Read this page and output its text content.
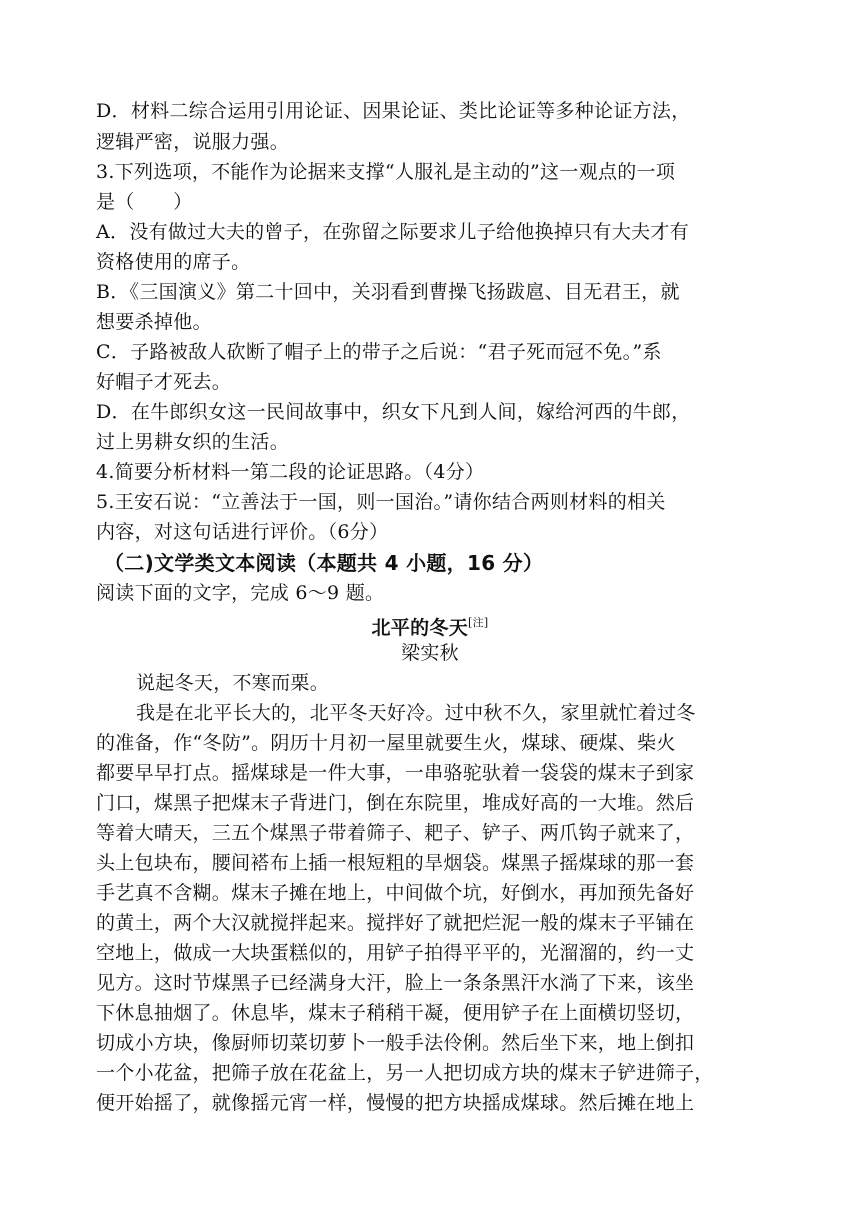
D．材料二综合运用引用论证、因果论证、类比论证等多种论证方法，
逻辑严密，说服力强。
3.下列选项，不能作为论据来支撑“人服礼是主动的”这一观点的一项
是（　　）
A．没有做过大夫的曾子，在弥留之际要求儿子给他换掉只有大夫才有
资格使用的席子。
B．《三国演义》第二十回中，关羽看到曹操飞扬跋扈、目无君王，就
想要杀掉他。
C．子路被敌人砍断了帽子上的带子之后说：“君子死而冠不免。”系
好帽子才死去。
D．在牛郎织女这一民间故事中，织女下凡到人间，嫁给河西的牛郎，
过上男耕女织的生活。
4.简要分析材料一第二段的论证思路。（4分）
5.王安石说：“立善法于一国，则一国治。”请你结合两则材料的相关
内容，对这句话进行评价。（6分）
（二)文学类文本阅读（本题共 4 小题，16 分）
阅读下面的文字，完成 6～9 题。
北平的冬天[注]
梁实秋
说起冬天，不寒而栗。
我是在北平长大的，北平冬天好冷。过中秋不久，家里就忙着过冬
的准备，作“冬防”。阴历十月初一屋里就要生火，煤球、硬煤、柴火
都要早早打点。摇煤球是一件大事，一串骆驼驮着一袋袋的煤末子到家
门口，煤黑子把煤末子背进门，倒在东院里，堆成好高的一大堆。然后
等着大晴天，三五个煤黑子带着筛子、耙子、铲子、两爪钩子就来了，
头上包块布，腰间褡布上插一根短粗的旱烟袋。煤黑子摇煤球的那一套
手艺真不含糊。煤末子摊在地上，中间做个坑，好倒水，再加预先备好
的黄土，两个大汉就搅拌起来。搅拌好了就把烂泥一般的煤末子平铺在
空地上，做成一大块蛋糕似的，用铲子拍得平平的，光溜溜的，约一丈
见方。这时节煤黑子已经满身大汗，脸上一条条黑汗水淌了下来，该坐
下休息抽烟了。休息毕，煤末子稍稍干凝，便用铲子在上面横切竖切，
切成小方块，像厨师切菜切萝卜一般手法伶俐。然后坐下来，地上倒扣
一个小花盆，把筛子放在花盆上，另一人把切成方块的煤末子铲进筛子，
便开始摇了，就像摇元宵一样，慢慢的把方块摇成煤球。然后摊在地上
